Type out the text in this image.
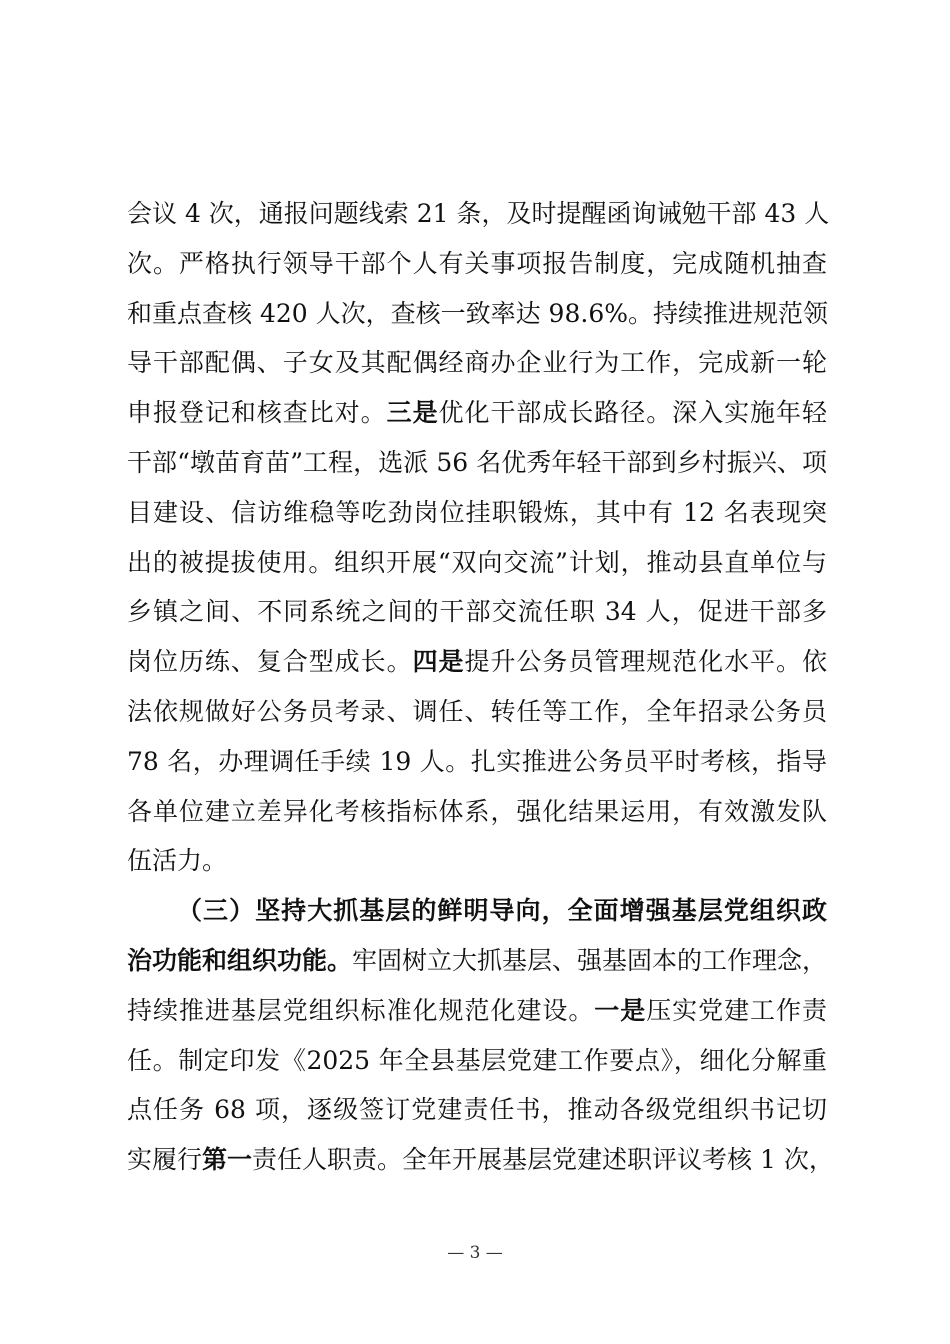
会议 4 次，通报问题线索 21 条，及时提醒函询诫勉干部 43 人
次。严格执行领导干部个人有关事项报告制度，完成随机抽查
和重点查核 420 人次，查核一致率达 98.6%。持续推进规范领
导干部配偶、子女及其配偶经商办企业行为工作，完成新一轮
申报登记和核查比对。三是优化干部成长路径。深入实施年轻
干部“墩苗育苗”工程，选派 56 名优秀年轻干部到乡村振兴、项
目建设、信访维稳等吃劲岗位挂职锻炼，其中有 12 名表现突
出的被提拔使用。组织开展“双向交流”计划，推动县直单位与
乡镇之间、不同系统之间的干部交流任职 34 人，促进干部多
岗位历练、复合型成长。四是提升公务员管理规范化水平。依
法依规做好公务员考录、调任、转任等工作，全年招录公务员
78 名，办理调任手续 19 人。扎实推进公务员平时考核，指导
各单位建立差异化考核指标体系，强化结果运用，有效激发队
伍活力。
（三）坚持大抓基层的鲜明导向，全面增强基层党组织政
治功能和组织功能。牢固树立大抓基层、强基固本的工作理念，
持续推进基层党组织标准化规范化建设。一是压实党建工作责
任。制定印发《2025 年全县基层党建工作要点》，细化分解重
点任务 68 项，逐级签订党建责任书，推动各级党组织书记切
实履行第一责任人职责。全年开展基层党建述职评议考核 1 次，
— 3 —
